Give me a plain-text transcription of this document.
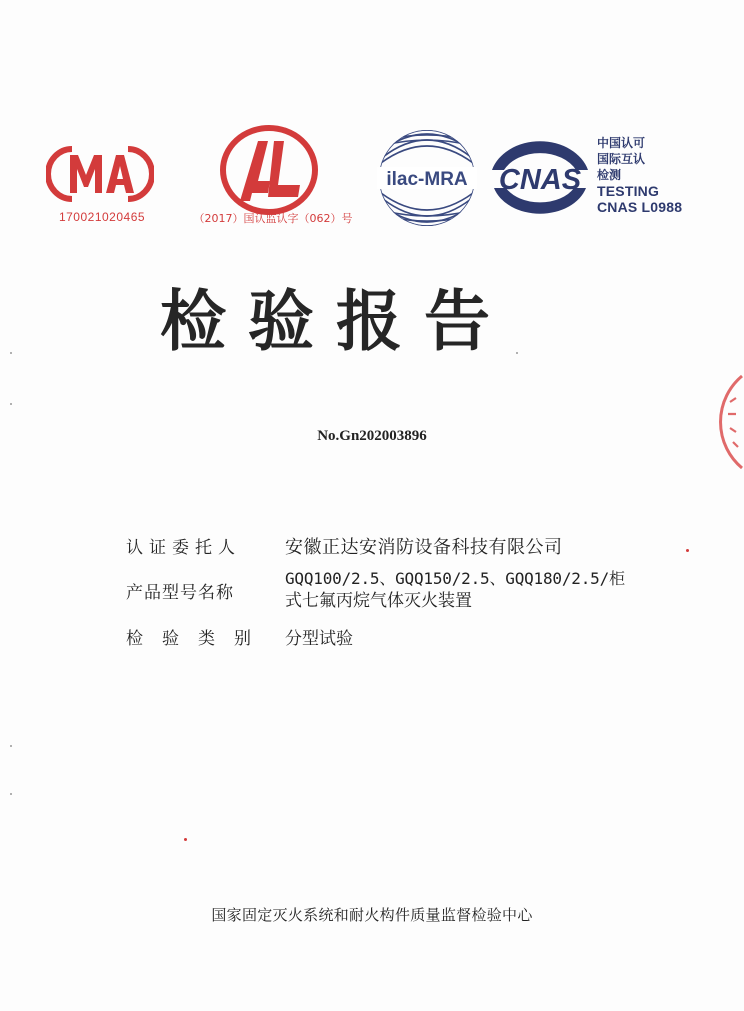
170021020465	（2017）国认监认字（062）号
ilac-MRA CNAS
中国认可
国际互认
检测
TESTING
CNAS L0988
检验报告
No.Gn202003896
认证委托人	安徽正达安消防设备科技有限公司
产品型号名称
GQQ100/2.5、GQQ150/2.5、GQQ180/2.5/柜
式七氟丙烷气体灭火装置
检验类别 分型试验
国家固定灭火系统和耐火构件质量监督检验中心
